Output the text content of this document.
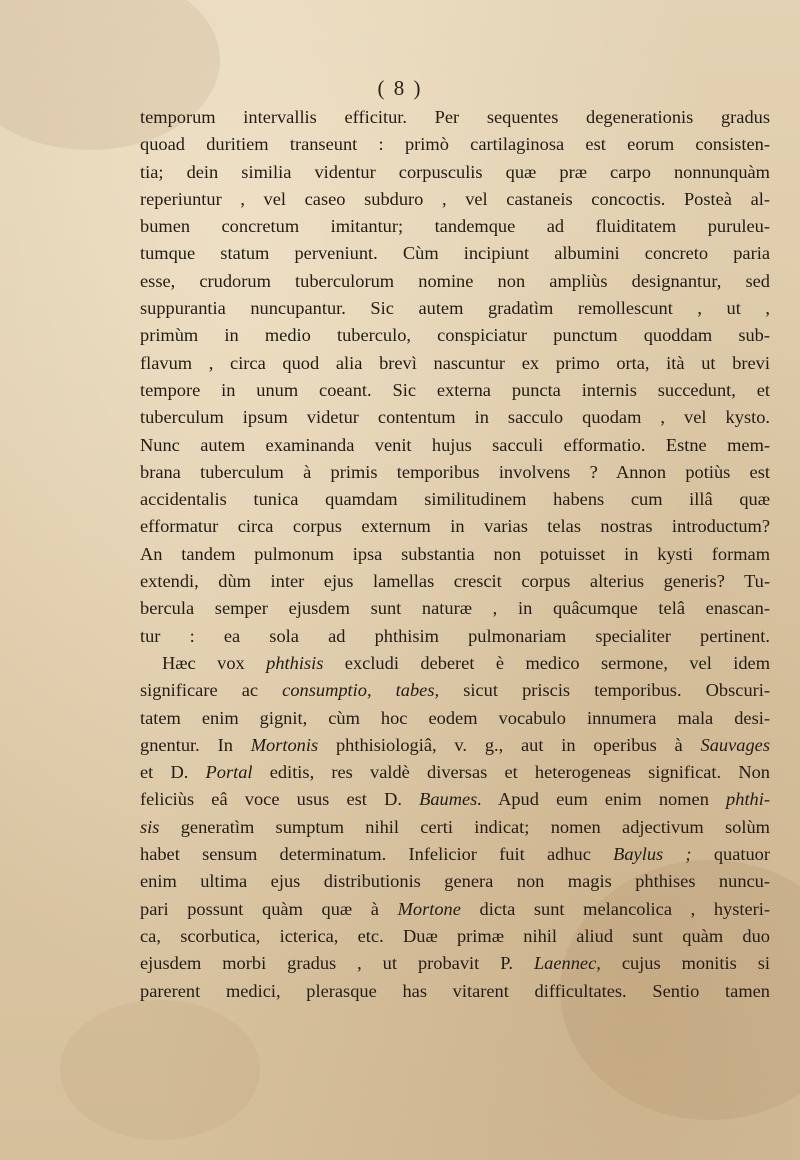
( 8 )
temporum intervallis efficitur. Per sequentes degenerationis gradus
quoad duritiem transeunt : primò cartilaginosa est eorum consisten-
tia; dein similia videntur corpusculis quæ præ carpo nonnunquàm
reperiuntur , vel caseo subduro , vel castaneis concoctis. Posteà al-
bumen concretum imitantur; tandemque ad fluiditatem puruleu-
tumque statum perveniunt. Cùm incipiunt albumini concreto paria
esse, crudorum tuberculorum nomine non ampliùs designantur, sed
suppurantia nuncupantur. Sic autem gradatìm remollescunt , ut ,
primùm in medio tuberculo, conspiciatur punctum quoddam sub-
flavum , circa quod alia brevì nascuntur ex primo orta, ità ut brevi
tempore in unum coeant. Sic externa puncta internis succedunt, et
tuberculum ipsum videtur contentum in sacculo quodam , vel kysto.
Nunc autem examinanda venit hujus sacculi efformatio. Estne mem-
brana tuberculum à primis temporibus involvens ? Annon potiùs est
accidentalis tunica quamdam similitudinem habens cum illâ quæ
efformatur circa corpus externum in varias telas nostras introductum?
An tandem pulmonum ipsa substantia non potuisset in kysti formam
extendi, dùm inter ejus lamellas crescit corpus alterius generis? Tu-
bercula semper ejusdem sunt naturæ , in quâcumque telâ enascan-
tur : ea sola ad phthisim pulmonariam specialiter pertinent.
Hæc vox phthisis excludi deberet è medico sermone, vel idem
significare ac consumptio, tabes, sicut priscis temporibus. Obscuri-
tatem enim gignit, cùm hoc eodem vocabulo innumera mala desi-
gnentur. In Mortonis phthisiologiâ, v. g., aut in operibus à Sauvages
et D. Portal editis, res valdè diversas et heterogeneas significat. Non
feliciùs eâ voce usus est D. Baumes. Apud eum enim nomen phthi-
sis generatìm sumptum nihil certi indicat; nomen adjectivum solùm
habet sensum determinatum. Infelicior fuit adhuc Baylus ; quatuor
enim ultima ejus distributionis genera non magis phthises nuncu-
pari possunt quàm quæ à Mortone dicta sunt melancolica , hysteri-
ca, scorbutica, icterica, etc. Duæ primæ nihil aliud sunt quàm duo
ejusdem morbi gradus , ut probavit P. Laennec, cujus monitis si
parerent medici, plerasque has vitarent difficultates. Sentio tamen
